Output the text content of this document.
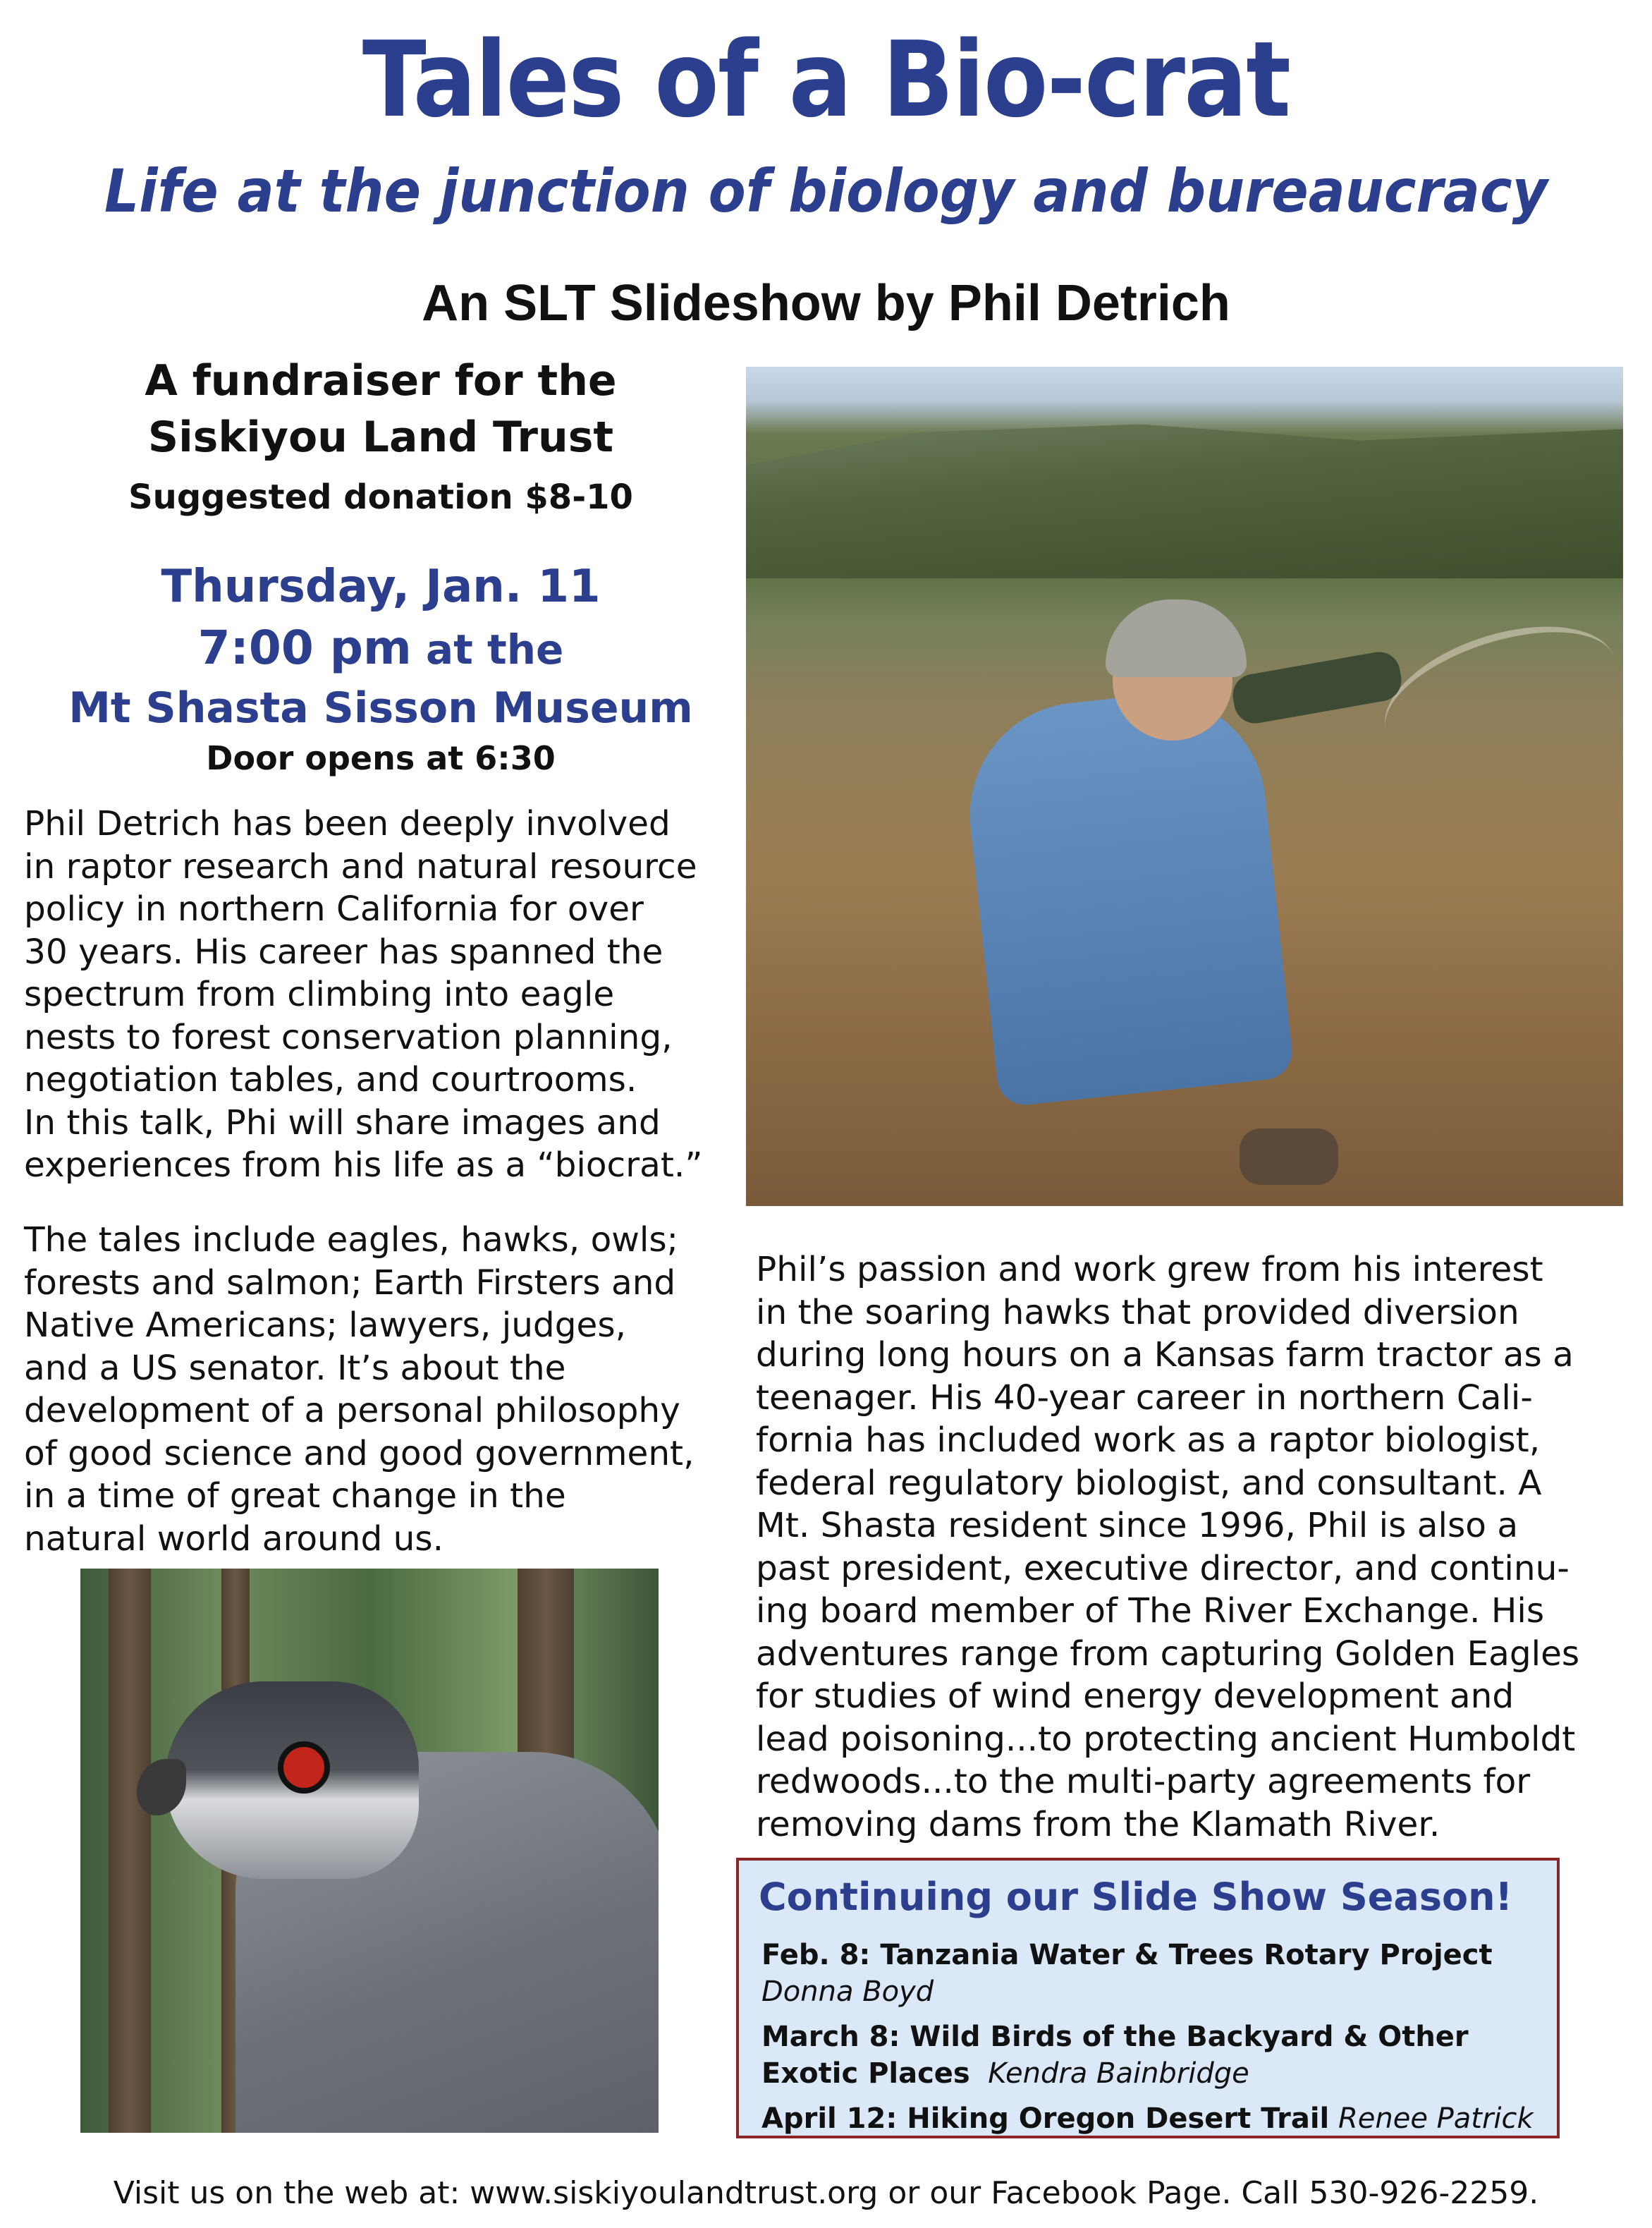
Tales of a Bio-crat
Life at the junction of biology and bureaucracy
An SLT Slideshow by Phil Detrich
A fundraiser for the
Siskiyou Land Trust
Suggested donation $8-10
Thursday, Jan. 11
7:00 pm at the
Mt Shasta Sisson Museum
Door opens at 6:30

Phil Detrich has been deeply involved
in raptor research and natural resource
policy in northern California for over
30 years. His career has spanned the
spectrum from climbing into eagle
nests to forest conservation planning,
negotiation tables, and courtrooms.
In this talk, Phi will share images and
experiences from his life as a “biocrat.”

The tales include eagles, hawks, owls;
forests and salmon; Earth Firsters and
Native Americans; lawyers, judges,
and a US senator. It’s about the
development of a personal philosophy
of good science and good government,
in a time of great change in the
natural world around us.

Phil’s passion and work grew from his interest
in the soaring hawks that provided diversion
during long hours on a Kansas farm tractor as a
teenager. His 40-year career in northern Cali-
fornia has included work as a raptor biologist,
federal regulatory biologist, and consultant. A
Mt. Shasta resident since 1996, Phil is also a
past president, executive director, and continu-
ing board member of The River Exchange. His
adventures range from capturing Golden Eagles
for studies of wind energy development and
lead poisoning...to protecting ancient Humboldt
redwoods...to the multi-party agreements for
removing dams from the Klamath River.

Continuing our Slide Show Season!
Feb. 8: Tanzania Water & Trees Rotary Project
Donna Boyd
March 8: Wild Birds of the Backyard & Other
Exotic Places Kendra Bainbridge
April 12: Hiking Oregon Desert Trail Renee Patrick
Visit us on the web at: www.siskiyoulandtrust.org or our Facebook Page. Call 530-926-2259.
